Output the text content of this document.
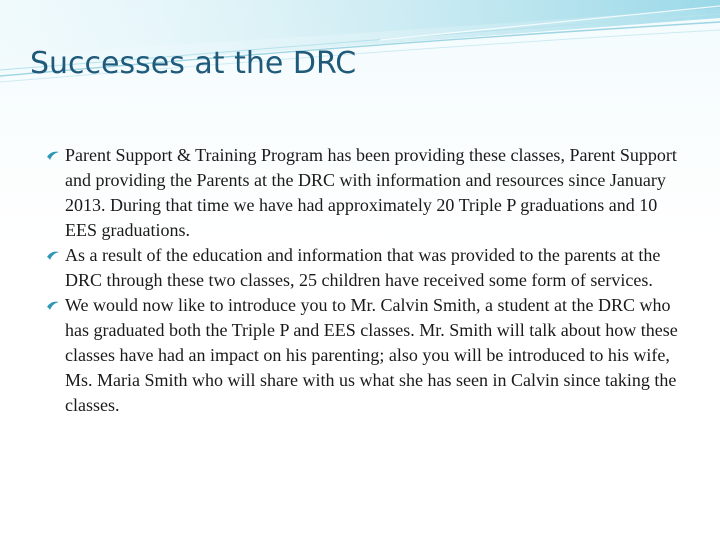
Successes at the DRC
Parent Support & Training Program has been providing these classes, Parent Support and providing the Parents at the DRC with information and resources since January 2013. During that time we have had approximately 20 Triple P graduations and 10 EES graduations.
As a result of the education and information that was provided to the parents at the DRC through these two classes, 25 children have received some form of services.
We would now like to introduce you to Mr. Calvin Smith, a student at the DRC who has graduated both the Triple P and EES classes. Mr. Smith will talk about how these classes have had an impact on his parenting; also you will be introduced to his wife, Ms. Maria Smith who will share with us what she has seen in Calvin since taking the classes.
